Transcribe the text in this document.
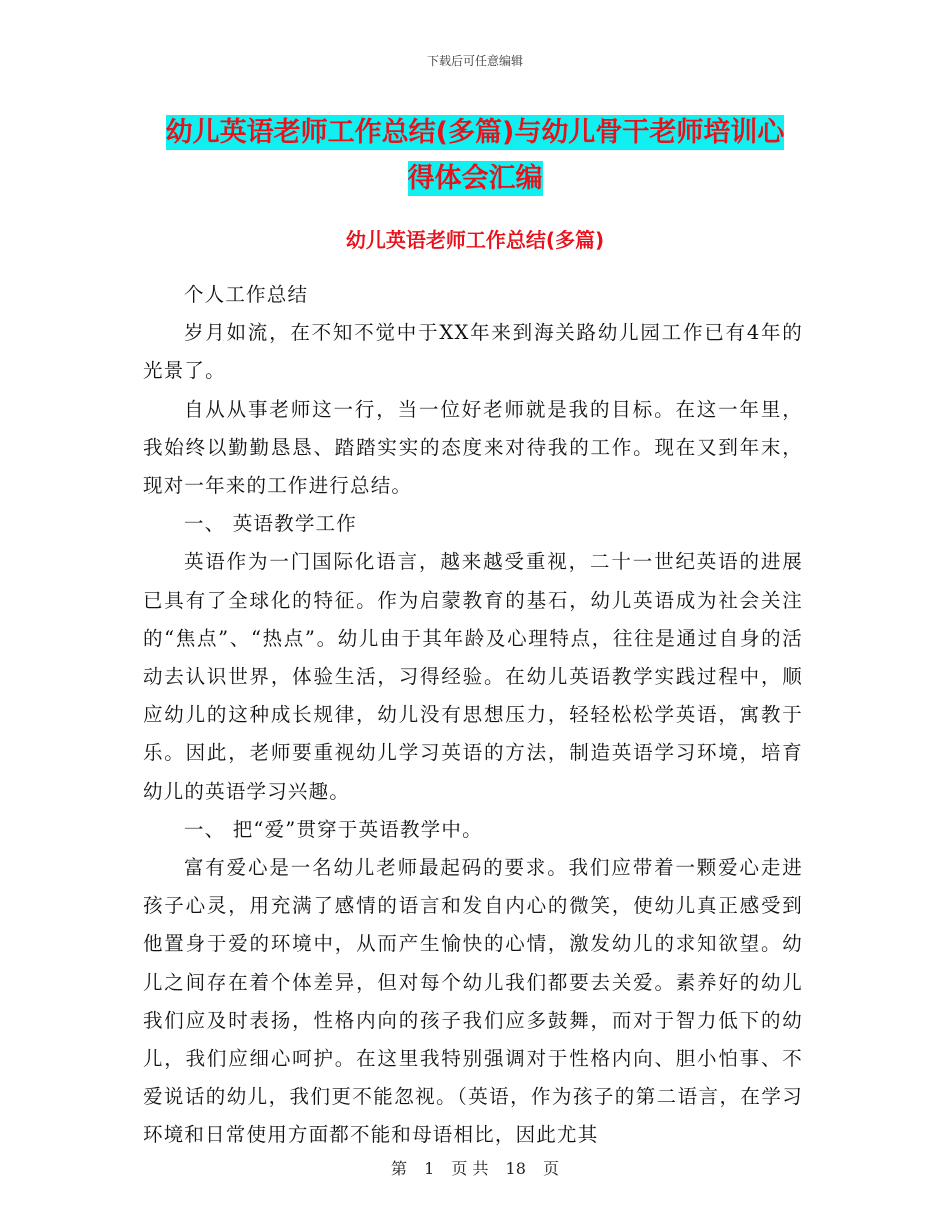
下载后可任意编辑
幼儿英语老师工作总结(多篇)与幼儿骨干老师培训心
得体会汇编
幼儿英语老师工作总结(多篇)

个人工作总结

岁月如流，在不知不觉中于XX年来到海关路幼儿园工作已有4年的光景了。

自从从事老师这一行，当一位好老师就是我的目标。在这一年里，我始终以勤勤恳恳、踏踏实实的态度来对待我的工作。现在又到年末，现对一年来的工作进行总结。

一、 英语教学工作

英语作为一门国际化语言，越来越受重视，二十一世纪英语的进展已具有了全球化的特征。作为启蒙教育的基石，幼儿英语成为社会关注的“焦点”、“热点”。幼儿由于其年龄及心理特点，往往是通过自身的活动去认识世界，体验生活，习得经验。在幼儿英语教学实践过程中，顺应幼儿的这种成长规律，幼儿没有思想压力，轻轻松松学英语，寓教于乐。因此，老师要重视幼儿学习英语的方法，制造英语学习环境，培育幼儿的英语学习兴趣。

一、 把“爱”贯穿于英语教学中。

富有爱心是一名幼儿老师最起码的要求。我们应带着一颗爱心走进孩子心灵，用充满了感情的语言和发自内心的微笑，使幼儿真正感受到他置身于爱的环境中，从而产生愉快的心情，激发幼儿的求知欲望。幼儿之间存在着个体差异，但对每个幼儿我们都要去关爱。素养好的幼儿我们应及时表扬，性格内向的孩子我们应多鼓舞，而对于智力低下的幼儿，我们应细心呵护。在这里我特别强调对于性格内向、胆小怕事、不爱说话的幼儿，我们更不能忽视。（英语，作为孩子的第二语言，在学习环境和日常使用方面都不能和母语相比，因此尤其

第 1 页 共 18 页
